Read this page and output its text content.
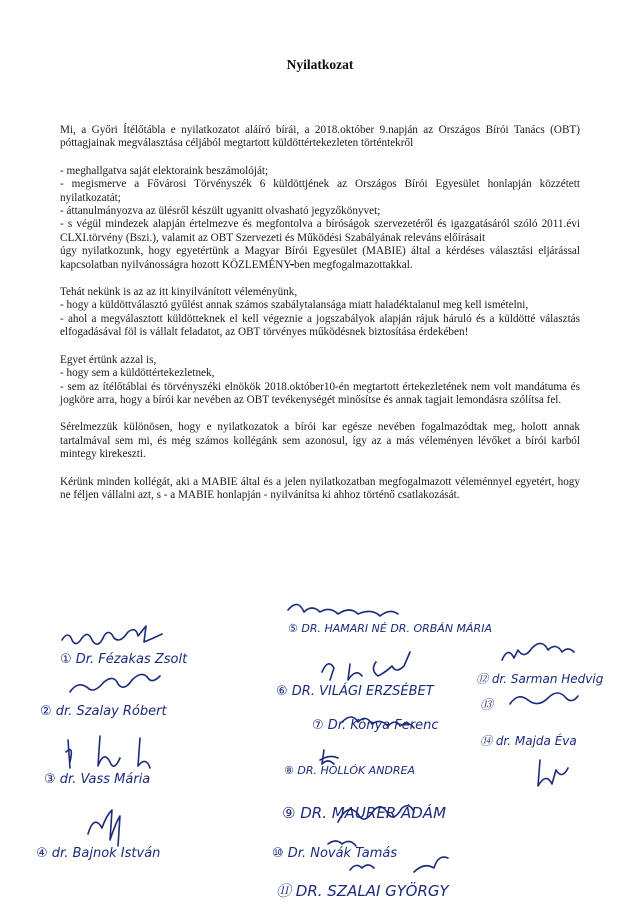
Nyilatkozat

Mi, a Győri Ítélőtábla e nyilatkozatot aláíró bírái, a 2018.október 9.napján az Országos Bírói Tanács (OBT) póttagjainak megválasztása céljából megtartott küldöttértekezleten történtekről

- meghallgatva saját elektoraink beszámolóját;

- megismerve a Fővárosi Törvényszék 6 küldöttjének az Országos Bírói Egyesület honlapján közzétett nyilatkozatát;

- áttanulmányozva az ülésről készült ugyanitt olvasható jegyzőkönyvet;

- s végül mindezek alapján értelmezve és megfontolva a bíróságok szervezetéről és igazgatásáról szóló 2011.évi CLXI.törvény (Bszi.), valamit az OBT Szervezeti és Működési Szabályának releváns előírásait

úgy nyilatkozunk, hogy egyetértünk a Magyar Bírói Egyesület (MABIE) által a kérdéses választási eljárással kapcsolatban nyilvánosságra hozott KÖZLEMÉNY-ben megfogalmazottakkal.

Tehát nekünk is az az itt kinyilvánított véleményünk,

- hogy a küldöttválasztó gyűlést annak számos szabálytalansága miatt haladéktalanul meg kell ismételni,

- ahol a megválasztott küldötteknek el kell végeznie a jogszabályok alapján rájuk háruló és a küldötté választás elfogadásával föl is vállalt feladatot, az OBT törvényes működésnek biztosítása érdekében!

Egyet értünk azzal is,

- hogy sem a küldöttértekezletnek,

- sem az ítélőtáblai és törvényszéki elnökök 2018.október10-én megtartott értekezletének nem volt mandátuma és jogköre arra, hogy a bírói kar nevében az OBT tevékenységét minősítse és annak tagjait lemondásra szólítsa fel.

Sérelmezzük különösen, hogy e nyilatkozatok a bírói kar egésze nevében fogalmazódtak meg, holott annak tartalmával sem mi, és még számos kollégánk sem azonosul, így az a más véleményen lévőket a bírói karból mintegy kirekeszti.

Kérünk minden kollégát, aki a MABIE által és a jelen nyilatkozatban megfogalmazott véleménnyel egyetért, hogy ne féljen vállalni azt, s - a MABIE honlapján - nyilvánítsa ki ahhoz történő csatlakozását.

① Dr. Fézakas Zsolt
② dr. Szalay Róbert
③ dr. Vass Mária
④ dr. Bajnok István
⑤ DR. HAMARI NÉ DR. ORBÁN MÁRIA
⑥ DR. VILÁGI ERZSÉBET
⑦ Dr. Kónya Ferenc
⑧ DR. HOLLÓK ANDREA
⑨ DR. MAURER ÁDÁM
⑩ Dr. Novák Tamás
⑪ DR. SZALAI GYÖRGY
⑫ dr. Sarman Hedvig
⑬
⑭ dr. Majda Éva
